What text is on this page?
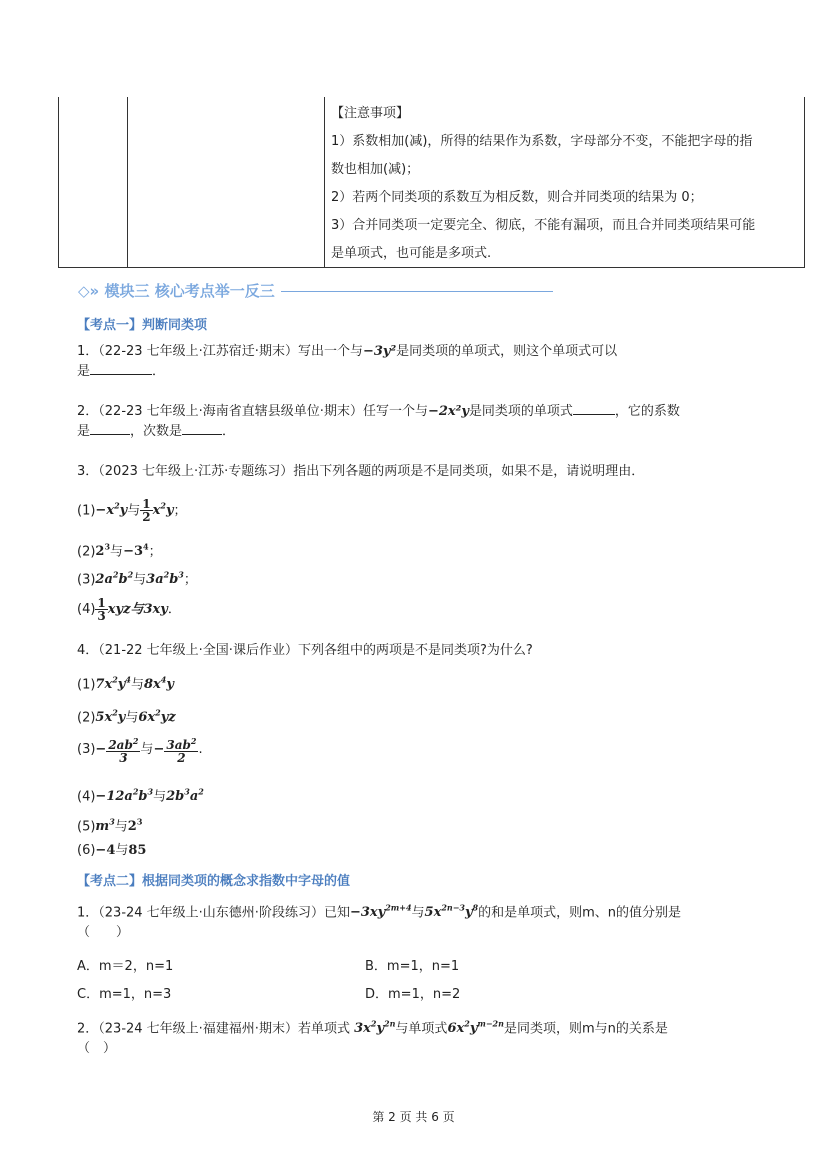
【注意事项】
1）系数相加(减)，所得的结果作为系数，字母部分不变，不能把字母的指
数也相加(减)；
2）若两个同类项的系数互为相反数，则合并同类项的结果为 0；
3）合并同类项一定要完全、彻底，不能有漏项，而且合并同类项结果可能
是单项式，也可能是多项式.
◇» 模块三 核心考点举一反三
【考点一】判断同类项
1．（22-23 七年级上·江苏宿迁·期末）写出一个与−3y²是同类项的单项式，则这个单项式可以
是	．
2．（22-23 七年级上·海南省直辖县级单位·期末）任写一个与−2x²y是同类项的单项式	，它的系数
是	，次数是	．
3．（2023 七年级上·江苏·专题练习）指出下列各题的两项是不是同类项，如果不是，请说明理由．
$(1)-x^2y$与 $\frac{1}{2} x^2y$；
$(2)2^3$与$-3^4$；
$(3)2a^2b^2$与$3a^2b^3$；
$(4) \frac{1}{3}$ xyz与3xy．
4．（21-22 七年级上·全国·课后作业）下列各组中的两项是不是同类项?为什么?
$(1)7x^2y^4$与$8x^4y$
$(2)5x^2y$与$6x^2yz$
$(3)- \frac{2ab^2}{3}$ 与− $\frac{3ab^2}{2}$ .
$(4)-12a^2b^3$与$2b^3a^2$
$(5)m^3$与$2^3$
(6)−4与85
【考点二】根据同类项的概念求指数中字母的值
1．（23-24 七年级上·山东德州·阶段练习）已知$-3xy^{2m+4}$与$5x^{2n-3}y^8$的和是单项式，则m、n的值分别是
（　　）
A．m＝2，n=1	B．m=1，n=1
C．m=1，n=3	D．m=1，n=2
2．（23-24 七年级上·福建福州·期末）若单项式 $3x^2y^{2n}$与单项式$6x^2y^{m-2n}$是同类项，则m与n的关系是
（　）
第 2 页 共 6 页
